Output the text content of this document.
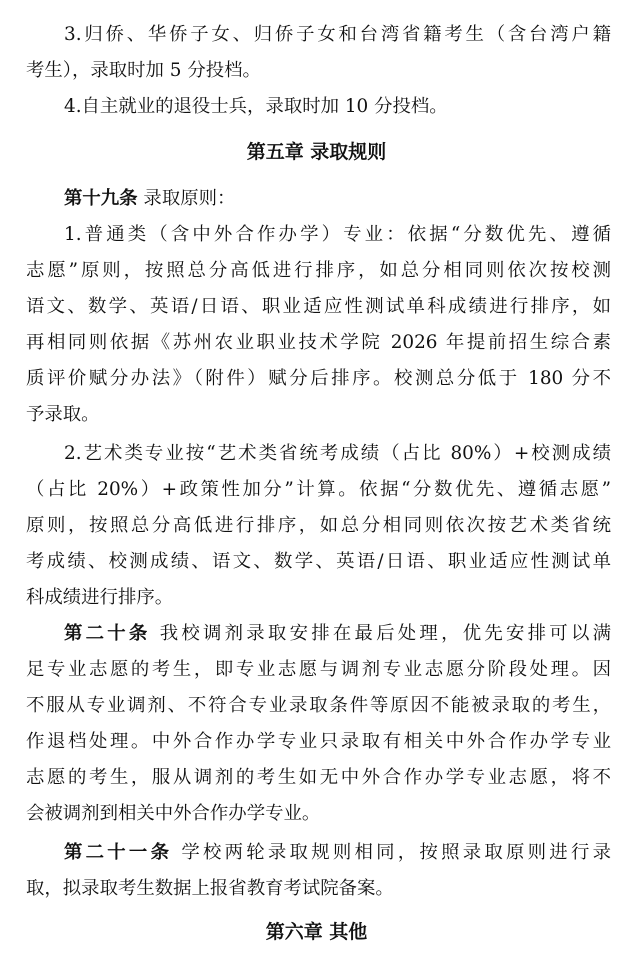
3.归侨、华侨子女、归侨子女和台湾省籍考生（含台湾户籍
考生），录取时加 5 分投档。
4.自主就业的退役士兵，录取时加 10 分投档。
第五章 录取规则
第十九条 录取原则：
1.普通类（含中外合作办学）专业：依据“分数优先、遵循
志愿”原则，按照总分高低进行排序，如总分相同则依次按校测
语文、数学、英语/日语、职业适应性测试单科成绩进行排序，如
再相同则依据《苏州农业职业技术学院 2026 年提前招生综合素
质评价赋分办法》（附件）赋分后排序。校测总分低于 180 分不
予录取。
2.艺术类专业按“艺术类省统考成绩（占比 80%）+校测成绩
（占比 20%）+政策性加分”计算。依据“分数优先、遵循志愿”
原则，按照总分高低进行排序，如总分相同则依次按艺术类省统
考成绩、校测成绩、语文、数学、英语/日语、职业适应性测试单
科成绩进行排序。
第二十条 我校调剂录取安排在最后处理，优先安排可以满
足专业志愿的考生，即专业志愿与调剂专业志愿分阶段处理。因
不服从专业调剂、不符合专业录取条件等原因不能被录取的考生，
作退档处理。中外合作办学专业只录取有相关中外合作办学专业
志愿的考生，服从调剂的考生如无中外合作办学专业志愿，将不
会被调剂到相关中外合作办学专业。
第二十一条 学校两轮录取规则相同，按照录取原则进行录
取，拟录取考生数据上报省教育考试院备案。
第六章 其他
